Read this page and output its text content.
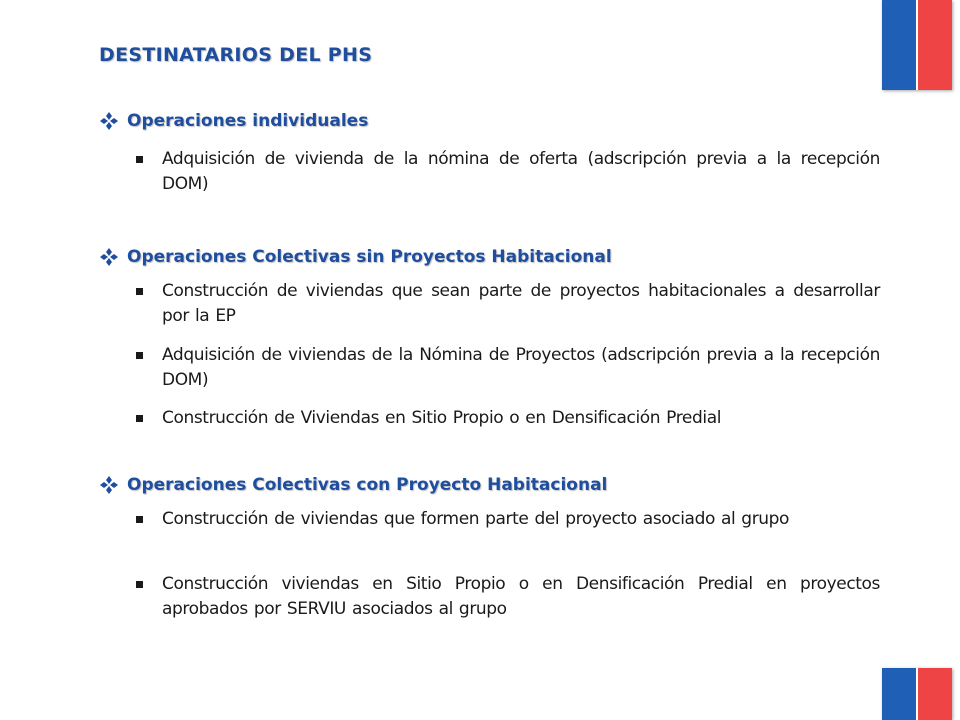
DESTINATARIOS DEL PHS
Operaciones individuales
Adquisición de vivienda de la nómina de oferta (adscripción previa a la recepción DOM)
Operaciones Colectivas sin Proyectos Habitacional
Construcción de viviendas que sean parte de proyectos habitacionales a desarrollar por la EP
Adquisición de viviendas de la Nómina de Proyectos (adscripción previa a la recepción DOM)
Construcción de Viviendas en Sitio Propio o en Densificación Predial
Operaciones Colectivas con Proyecto Habitacional
Construcción de viviendas que formen parte del proyecto asociado al grupo
Construcción viviendas en Sitio Propio o en Densificación Predial en proyectos aprobados por SERVIU asociados al grupo
